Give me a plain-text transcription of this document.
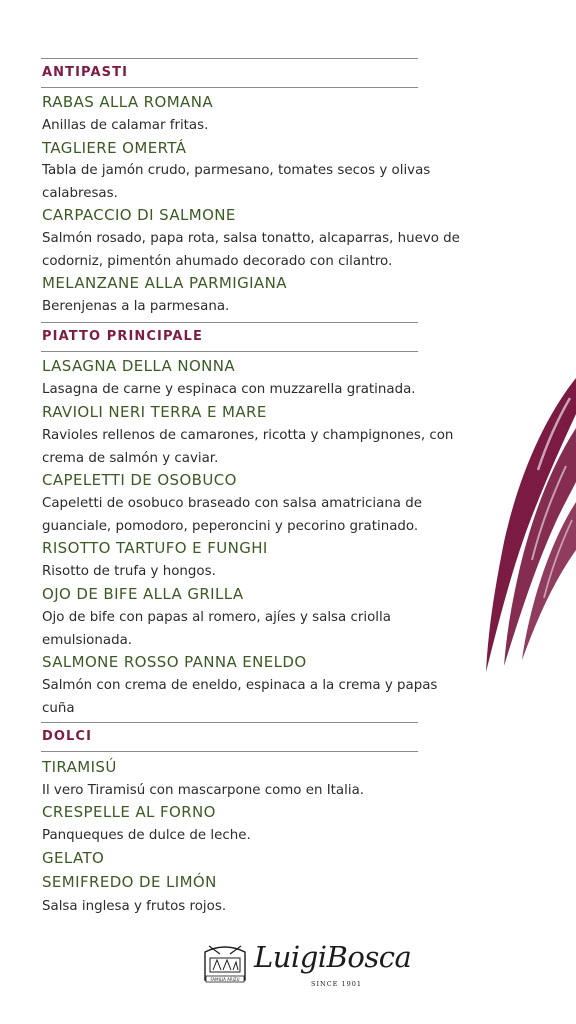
ANTIPASTI
RABAS ALLA ROMANA
Anillas de calamar fritas.
TAGLIERE OMERTÁ
Tabla de jamón crudo, parmesano, tomates secos y olivas calabresas.
CARPACCIO DI SALMONE
Salmón rosado, papa rota, salsa tonatto, alcaparras, huevo de codorniz, pimentón ahumado decorado con cilantro.
MELANZANE ALLA PARMIGIANA
Berenjenas a la parmesana.
PIATTO PRINCIPALE
LASAGNA DELLA NONNA
Lasagna de carne y espinaca con muzzarella gratinada.
RAVIOLI NERI TERRA E MARE
Ravioles rellenos de camarones, ricotta y champignones, con crema de salmón y caviar.
CAPELETTI DE OSOBUCO
Capeletti de osobuco braseado con salsa amatriciana de guanciale, pomodoro, peperoncini y pecorino gratinado.
RISOTTO TARTUFO E FUNGHI
Risotto de trufa y hongos.
OJO DE BIFE ALLA GRILLA
Ojo de bife con papas al romero, ajíes y salsa criolla emulsionada.
SALMONE ROSSO PANNA ENELDO
Salmón con crema de eneldo, espinaca a la crema y papas cuña
DOLCI
TIRAMISÚ
Il vero Tiramisú con mascarpone como en Italia.
CRESPELLE AL FORNO
Panqueques de dulce de leche.
GELATO
SEMIFREDO DE LIMÓN
Salsa inglesa y frutos rojos.
FAMILIA ARIZU
LuigiBosca
SINCE 1901
